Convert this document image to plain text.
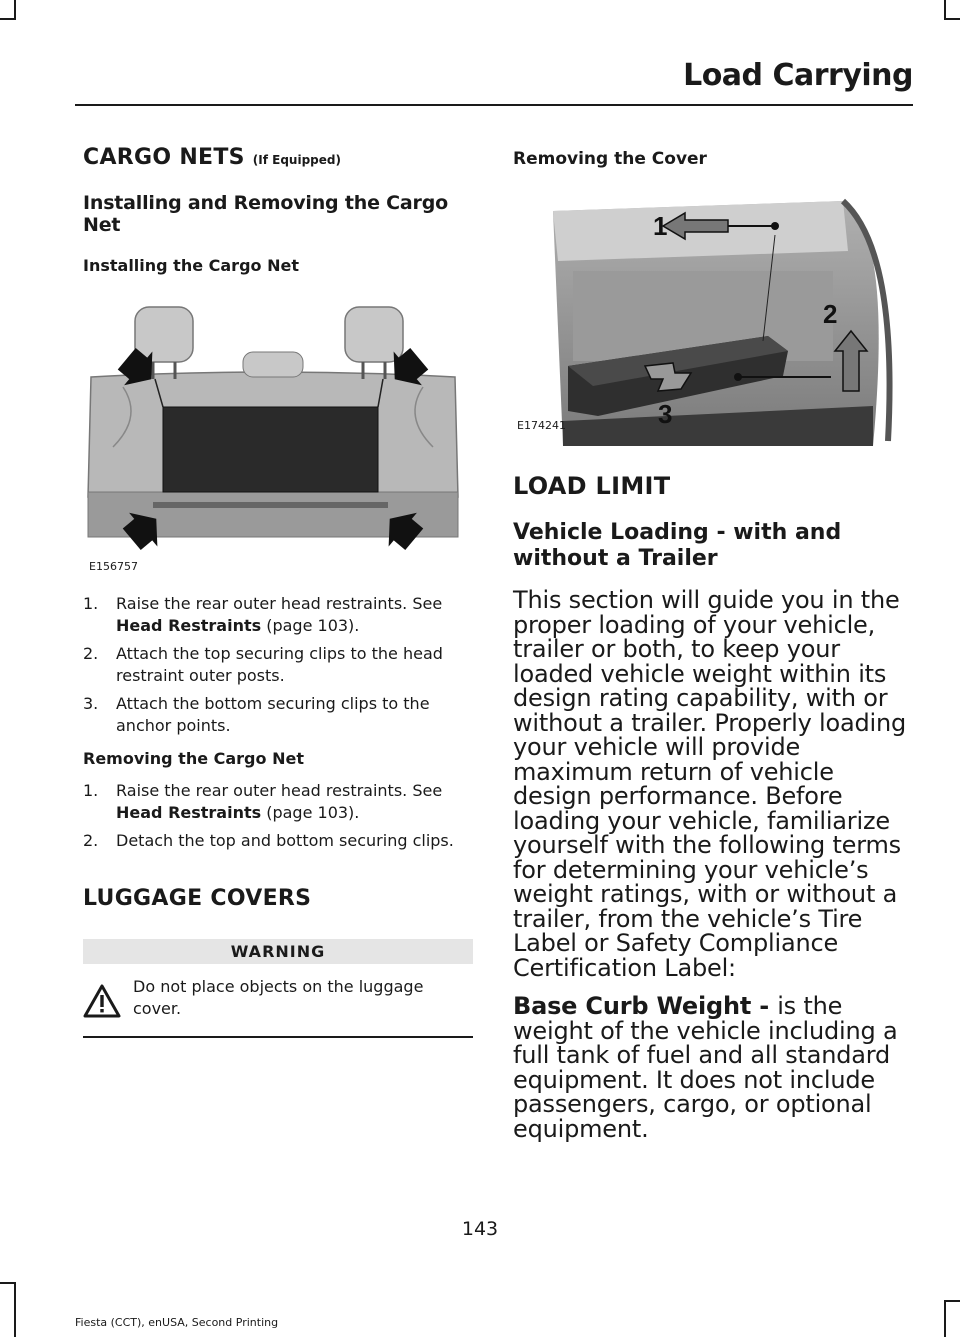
Load Carrying
CARGO NETS (If Equipped)
Installing and Removing the Cargo Net
Installing the Cargo Net
E156757
1.	Raise the rear outer head restraints. See Head Restraints (page 103).
2.	Attach the top securing clips to the head restraint outer posts.
3.	Attach the bottom securing clips to the anchor points.
Removing the Cargo Net
1.	Raise the rear outer head restraints. See Head Restraints (page 103).
2.	Detach the top and bottom securing clips.
LUGGAGE COVERS
WARNING
Do not place objects on the luggage cover.
Removing the Cover
1
2
3
E174241
LOAD LIMIT
Vehicle Loading - with and without a Trailer

This section will guide you in the proper loading of your vehicle, trailer or both, to keep your loaded vehicle weight within its design rating capability, with or without a trailer. Properly loading your vehicle will provide maximum return of vehicle design performance. Before loading your vehicle, familiarize yourself with the following terms for determining your vehicle’s weight ratings, with or without a trailer, from the vehicle’s Tire Label or Safety Compliance Certification Label:

Base Curb Weight - is the weight of the vehicle including a full tank of fuel and all standard equipment. It does not include passengers, cargo, or optional equipment.

143
Fiesta (CCT), enUSA, Second Printing
